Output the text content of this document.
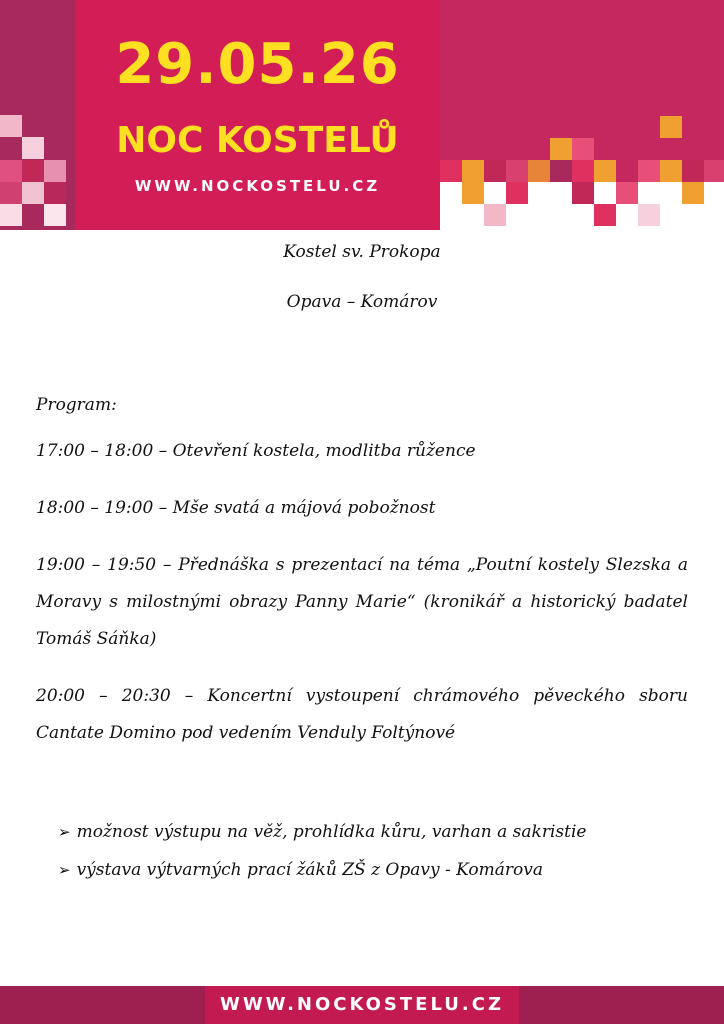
29.05.26
NOC KOSTELŮ
WWW.NOCKOSTELU.CZ

Kostel sv. Prokopa

Opava – Komárov

Program:

17:00 – 18:00 – Otevření kostela, modlitba růžence

18:00 – 19:00 – Mše svatá a májová pobožnost

19:00 – 19:50 – Přednáška s prezentací na téma „Poutní kostely Slezska a Moravy s milostnými obrazy Panny Marie“ (kronikář a historický badatel Tomáš Sáňka)

20:00 – 20:30 – Koncertní vystoupení chrámového pěveckého sboru Cantate Domino pod vedením Venduly Foltýnové

➢ možnost výstupu na věž, prohlídka kůru, varhan a sakristie

➢ výstava výtvarných prací žáků ZŠ z Opavy - Komárova

WWW.NOCKOSTELU.CZ
